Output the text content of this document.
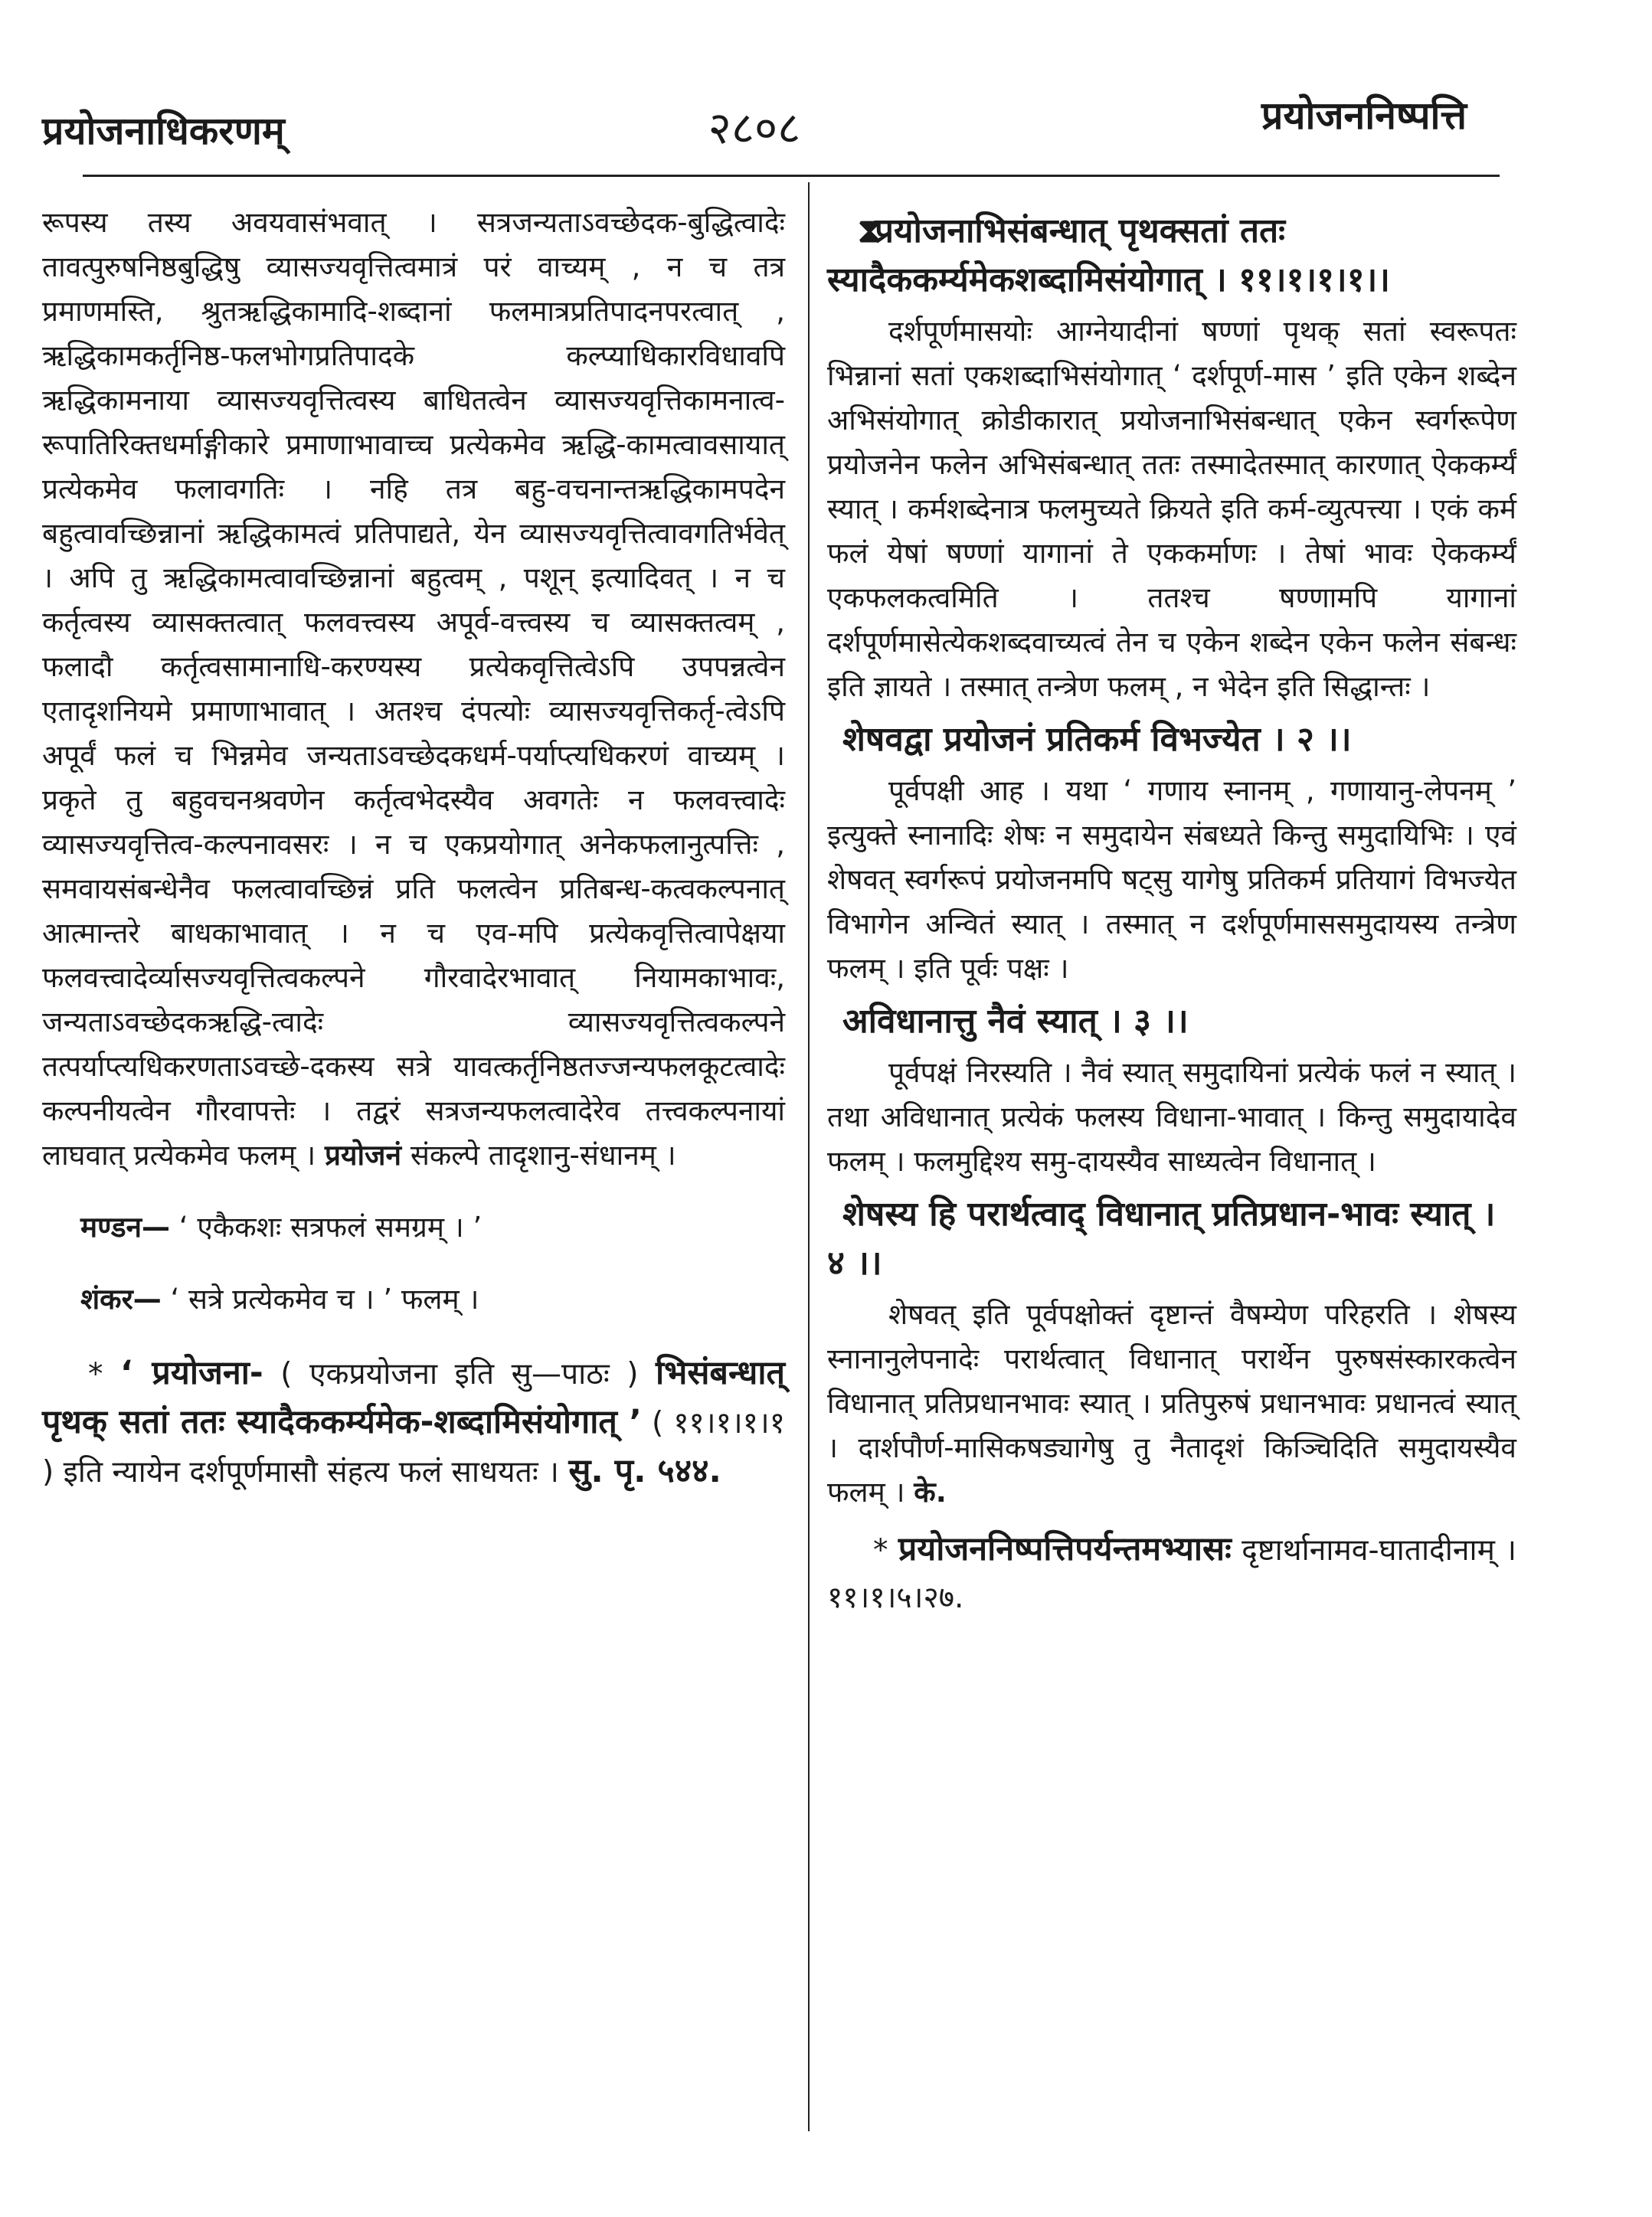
प्रयोजनाधिकरणम्	२८०८	प्रयोजननिष्पत्ति

रूपस्य तस्य अवयवासंभवात् । सत्रजन्यताऽवच्छेदक-बुद्धित्वादेः तावत्पुरुषनिष्ठबुद्धिषु व्यासज्यवृत्तित्वमात्रं परं वाच्यम् , न च तत्र प्रमाणमस्ति, श्रुतऋद्धिकामादि-शब्दानां फलमात्रप्रतिपादनपरत्वात् , ऋद्धिकामकर्तृनिष्ठ-फलभोगप्रतिपादके कल्प्याधिकारविधावपि ऋद्धिकामनाया व्यासज्यवृत्तित्वस्य बाधितत्वेन व्यासज्यवृत्तिकामनात्व-रूपातिरिक्तधर्माङ्गीकारे प्रमाणाभावाच्च प्रत्येकमेव ऋद्धि-कामत्वावसायात् प्रत्येकमेव फलावगतिः । नहि तत्र बहु-वचनान्तऋद्धिकामपदेन बहुत्वावच्छिन्नानां ऋद्धिकामत्वं प्रतिपाद्यते, येन व्यासज्यवृत्तित्वावगतिर्भवेत् । अपि तु ऋद्धिकामत्वावच्छिन्नानां बहुत्वम् , पशून् इत्यादिवत् । न च कर्तृत्वस्य व्यासक्तत्वात् फलवत्त्वस्य अपूर्व-वत्त्वस्य च व्यासक्तत्वम् , फलादौ कर्तृत्वसामानाधि-करण्यस्य प्रत्येकवृत्तित्वेऽपि उपपन्नत्वेन एतादृशनियमे प्रमाणाभावात् । अतश्च दंपत्योः व्यासज्यवृत्तिकर्तृ-त्वेऽपि अपूर्वं फलं च भिन्नमेव जन्यताऽवच्छेदकधर्म-पर्याप्त्यधिकरणं वाच्यम् । प्रकृते तु बहुवचनश्रवणेन कर्तृत्वभेदस्यैव अवगतेः न फलवत्त्वादेः व्यासज्यवृत्तित्व-कल्पनावसरः । न च एकप्रयोगात् अनेकफलानुत्पत्तिः , समवायसंबन्धेनैव फलत्वावच्छिन्नं प्रति फलत्वेन प्रतिबन्ध-कत्वकल्पनात् आत्मान्तरे बाधकाभावात् । न च एव-मपि प्रत्येकवृत्तित्वापेक्षया फलवत्त्वादेर्व्यासज्यवृत्तित्वकल्पने गौरवादेरभावात् नियामकाभावः, जन्यताऽवच्छेदकऋद्धि-त्वादेः व्यासज्यवृत्तित्वकल्पने तत्पर्याप्त्यधिकरणताऽवच्छे-दकस्य सत्रे यावत्कर्तृनिष्ठतज्जन्यफलकूटत्वादेः कल्पनीयत्वेन गौरवापत्तेः । तद्वरं सत्रजन्यफलत्वादेरेव तत्त्वकल्पनायां लाघवात् प्रत्येकमेव फलम् । प्रयोजनं संकल्पे तादृशानु-संधानम् ।

मण्डन— ‘ एकैकशः सत्रफलं समग्रम् । ’

शंकर— ‘ सत्रे प्रत्येकमेव च । ’ फलम् ।

* ‘ प्रयोजना- ( एकप्रयोजना इति सु—पाठः ) भिसंबन्धात् पृथक् सतां ततः स्यादैककर्म्यमेक-शब्दामिसंयोगात् ’ ( ११।१।१।१ ) इति न्यायेन दर्शपूर्णमासौ संहत्य फलं साधयतः । सु. पृ. ५४४.

⧗प्रयोजनाभिसंबन्धात् पृथक्सतां ततः स्यादैककर्म्यमेकशब्दामिसंयोगात् । ११।१।१।१।।

दर्शपूर्णमासयोः आग्नेयादीनां षण्णां पृथक् सतां स्वरूपतः भिन्नानां सतां एकशब्दाभिसंयोगात् ‘ दर्शपूर्ण-मास ’ इति एकेन शब्देन अभिसंयोगात् क्रोडीकारात् प्रयोजनाभिसंबन्धात् एकेन स्वर्गरूपेण प्रयोजनेन फलेन अभिसंबन्धात् ततः तस्मादेतस्मात् कारणात् ऐककर्म्यं स्यात् । कर्मशब्देनात्र फलमुच्यते क्रियते इति कर्म-व्युत्पत्त्या । एकं कर्म फलं येषां षण्णां यागानां ते एककर्माणः । तेषां भावः ऐककर्म्यं एकफलकत्वमिति । ततश्च षण्णामपि यागानां दर्शपूर्णमासेत्येकशब्दवाच्यत्वं तेन च एकेन शब्देन एकेन फलेन संबन्धः इति ज्ञायते । तस्मात् तन्त्रेण फलम् , न भेदेन इति सिद्धान्तः ।

शेषवद्वा प्रयोजनं प्रतिकर्म विभज्येत । २ ।।

पूर्वपक्षी आह । यथा ‘ गणाय स्नानम् , गणायानु-लेपनम् ’ इत्युक्ते स्नानादिः शेषः न समुदायेन संबध्यते किन्तु समुदायिभिः । एवं शेषवत् स्वर्गरूपं प्रयोजनमपि षट्सु यागेषु प्रतिकर्म प्रतियागं विभज्येत विभागेन अन्वितं स्यात् । तस्मात् न दर्शपूर्णमाससमुदायस्य तन्त्रेण फलम् । इति पूर्वः पक्षः ।

अविधानात्तु नैवं स्यात् । ३ ।।

पूर्वपक्षं निरस्यति । नैवं स्यात् समुदायिनां प्रत्येकं फलं न स्यात् । तथा अविधानात् प्रत्येकं फलस्य विधाना-भावात् । किन्तु समुदायादेव फलम् । फलमुद्दिश्य समु-दायस्यैव साध्यत्वेन विधानात् ।

शेषस्य हि परार्थत्वाद् विधानात् प्रतिप्रधान-भावः स्यात् । ४ ।।

शेषवत् इति पूर्वपक्षोक्तं दृष्टान्तं वैषम्येण परिहरति । शेषस्य स्नानानुलेपनादेः परार्थत्वात् विधानात् परार्थेन पुरुषसंस्कारकत्वेन विधानात् प्रतिप्रधानभावः स्यात् । प्रतिपुरुषं प्रधानभावः प्रधानत्वं स्यात् । दार्शपौर्ण-मासिकषड्यागेषु तु नैतादृशं किञ्चिदिति समुदायस्यैव फलम् । के.

* प्रयोजननिष्पत्तिपर्यन्तमभ्यासः दृष्टार्थानामव-घातादीनाम् । ११।१।५।२७.
